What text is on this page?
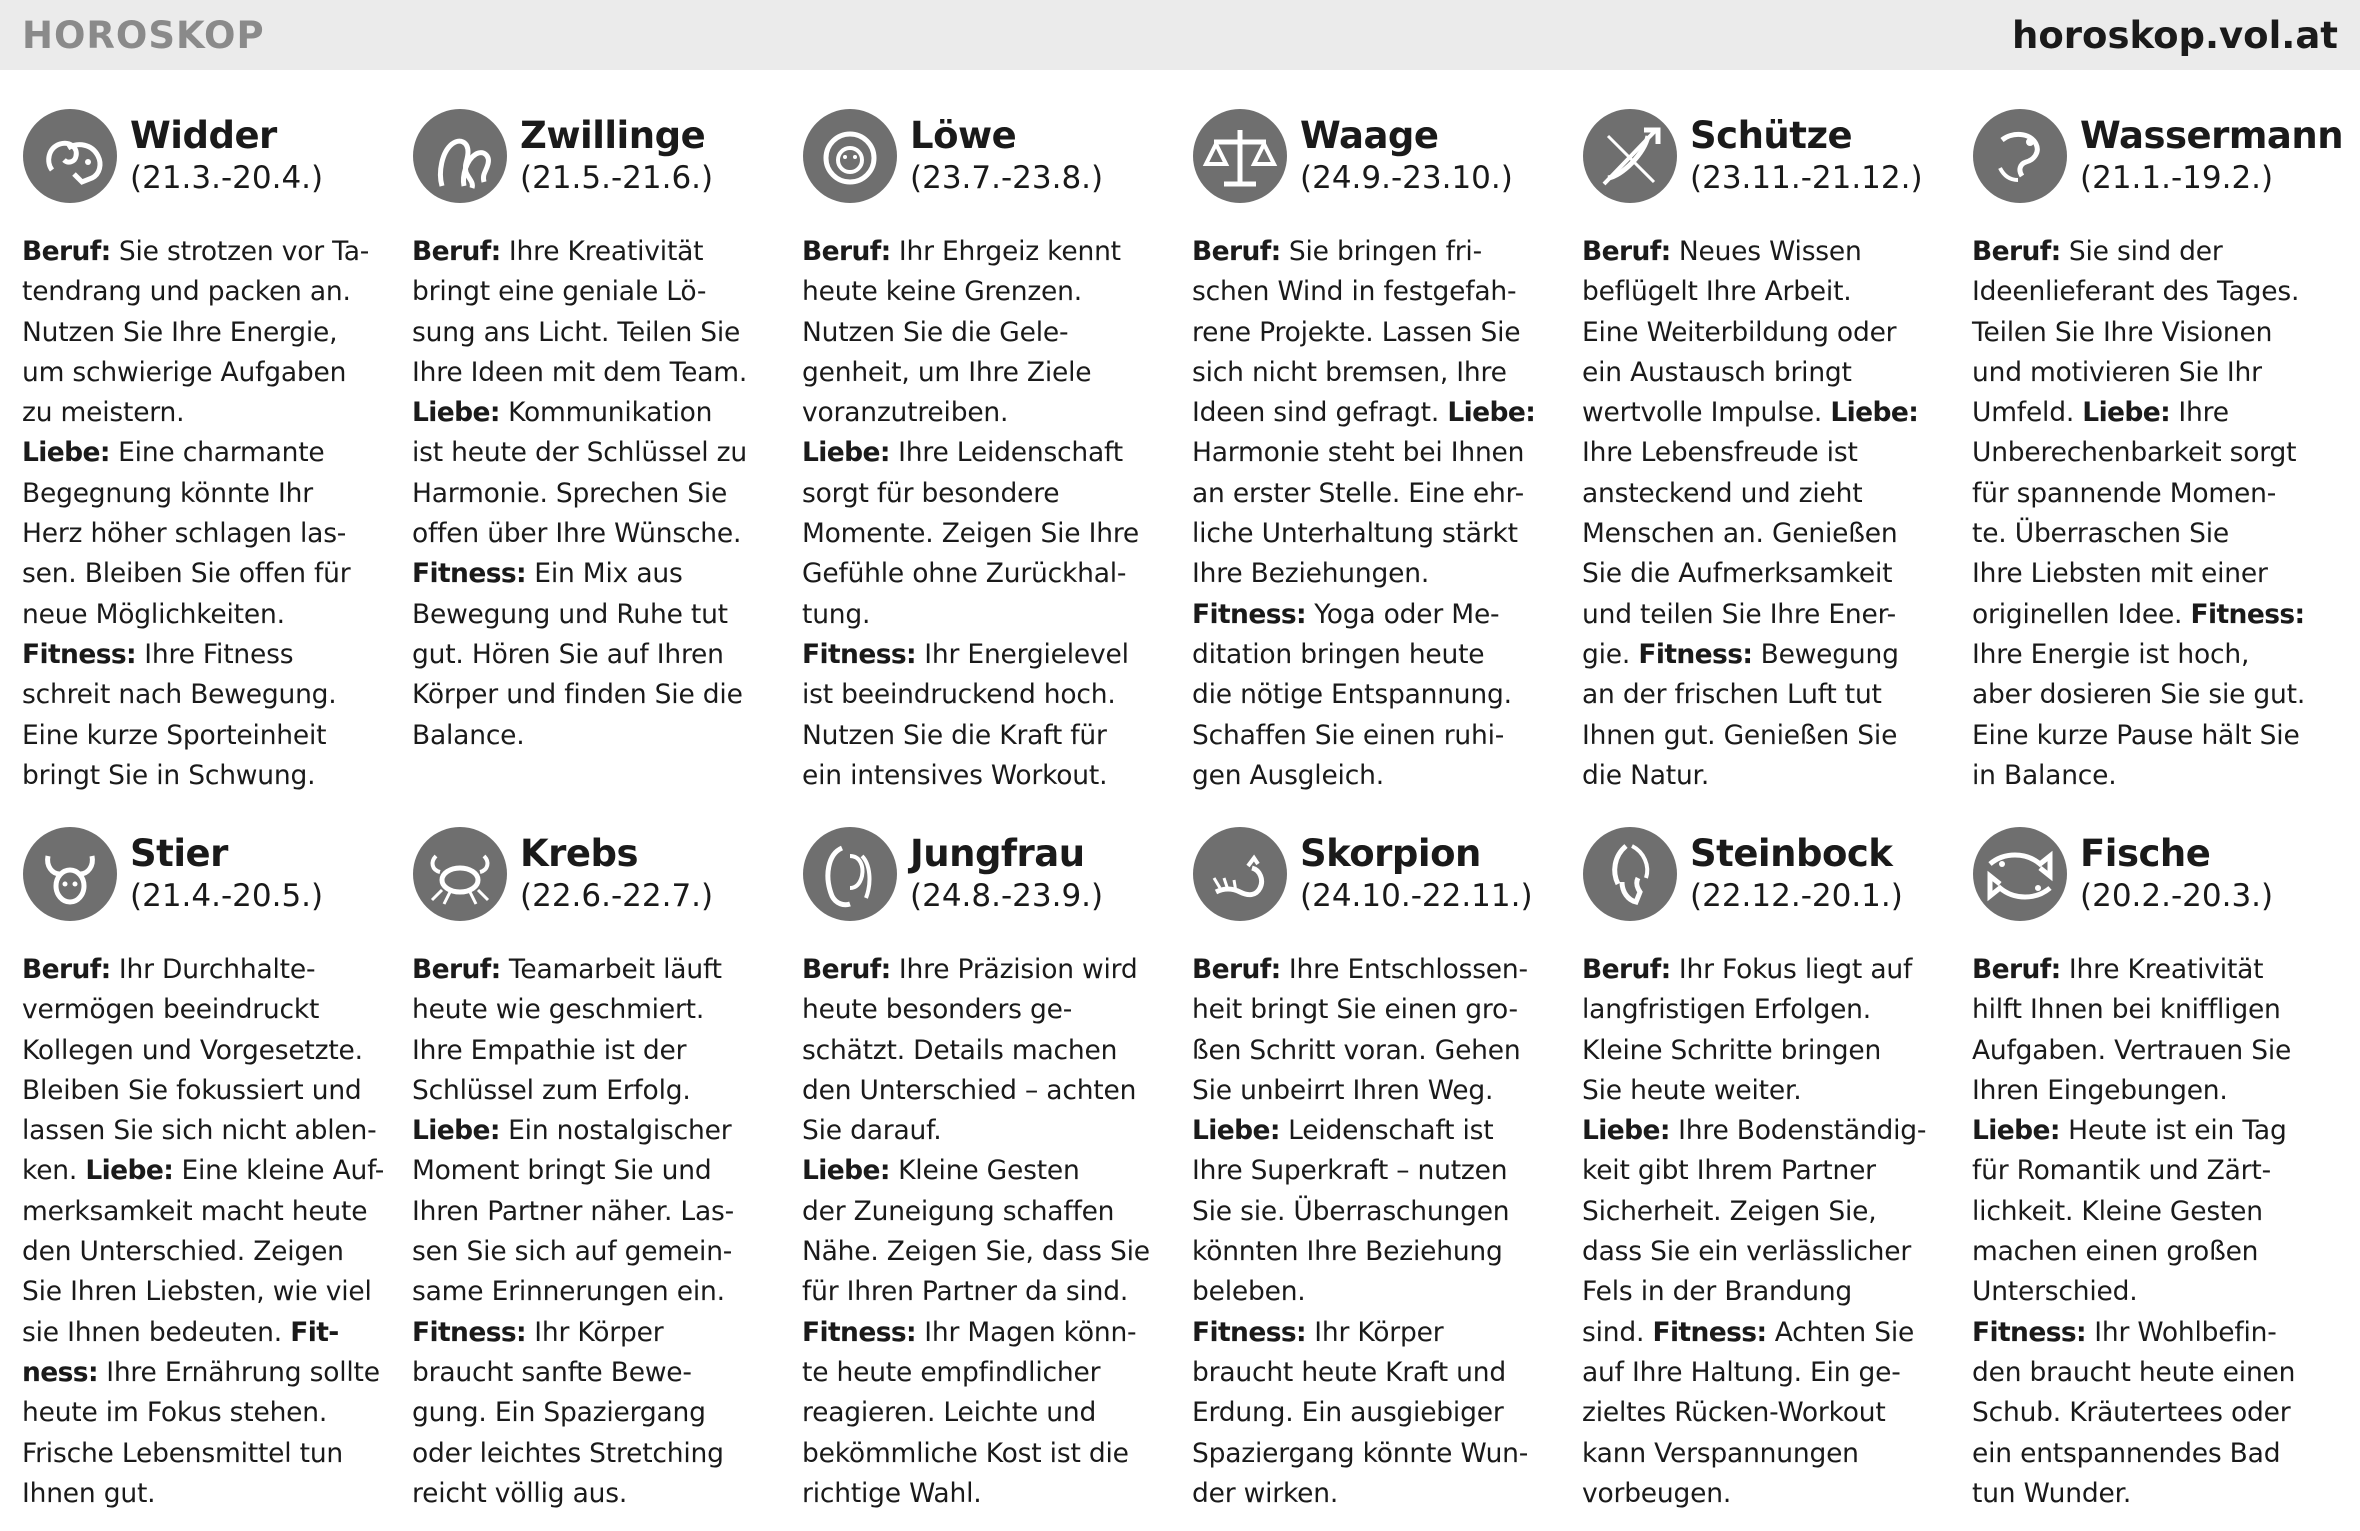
HOROSKOP	horoskop.vol.at
Widder
(21.3.-20.4.)
Beruf: Sie strotzen vor Ta-
tendrang und packen an.
Nutzen Sie Ihre Energie,
um schwierige Aufgaben
zu meistern.
Liebe: Eine charmante
Begegnung könnte Ihr
Herz höher schlagen las-
sen. Bleiben Sie offen für
neue Möglichkeiten.
Fitness: Ihre Fitness
schreit nach Bewegung.
Eine kurze Sporteinheit
bringt Sie in Schwung.
Zwillinge
(21.5.-21.6.)
Beruf: Ihre Kreativität
bringt eine geniale Lö-
sung ans Licht. Teilen Sie
Ihre Ideen mit dem Team.
Liebe: Kommunikation
ist heute der Schlüssel zu
Harmonie. Sprechen Sie
offen über Ihre Wünsche.
Fitness: Ein Mix aus
Bewegung und Ruhe tut
gut. Hören Sie auf Ihren
Körper und finden Sie die
Balance.
Löwe
(23.7.-23.8.)
Beruf: Ihr Ehrgeiz kennt
heute keine Grenzen.
Nutzen Sie die Gele-
genheit, um Ihre Ziele
voranzutreiben.
Liebe: Ihre Leidenschaft
sorgt für besondere
Momente. Zeigen Sie Ihre
Gefühle ohne Zurückhal-
tung.
Fitness: Ihr Energielevel
ist beeindruckend hoch.
Nutzen Sie die Kraft für
ein intensives Workout.
Waage
(24.9.-23.10.)
Beruf: Sie bringen fri-
schen Wind in festgefah-
rene Projekte. Lassen Sie
sich nicht bremsen, Ihre
Ideen sind gefragt. Liebe:
Harmonie steht bei Ihnen
an erster Stelle. Eine ehr-
liche Unterhaltung stärkt
Ihre Beziehungen.
Fitness: Yoga oder Me-
ditation bringen heute
die nötige Entspannung.
Schaffen Sie einen ruhi-
gen Ausgleich.
Schütze
(23.11.-21.12.)
Beruf: Neues Wissen
beflügelt Ihre Arbeit.
Eine Weiterbildung oder
ein Austausch bringt
wertvolle Impulse. Liebe:
Ihre Lebensfreude ist
ansteckend und zieht
Menschen an. Genießen
Sie die Aufmerksamkeit
und teilen Sie Ihre Ener-
gie. Fitness: Bewegung
an der frischen Luft tut
Ihnen gut. Genießen Sie
die Natur.
Wassermann
(21.1.-19.2.)
Beruf: Sie sind der
Ideenlieferant des Tages.
Teilen Sie Ihre Visionen
und motivieren Sie Ihr
Umfeld. Liebe: Ihre
Unberechenbarkeit sorgt
für spannende Momen-
te. Überraschen Sie
Ihre Liebsten mit einer
originellen Idee. Fitness:
Ihre Energie ist hoch,
aber dosieren Sie sie gut.
Eine kurze Pause hält Sie
in Balance.
Stier
(21.4.-20.5.)
Beruf: Ihr Durchhalte-
vermögen beeindruckt
Kollegen und Vorgesetzte.
Bleiben Sie fokussiert und
lassen Sie sich nicht ablen-
ken. Liebe: Eine kleine Auf-
merksamkeit macht heute
den Unterschied. Zeigen
Sie Ihren Liebsten, wie viel
sie Ihnen bedeuten. Fit-
ness: Ihre Ernährung sollte
heute im Fokus stehen.
Frische Lebensmittel tun
Ihnen gut.
Krebs
(22.6.-22.7.)
Beruf: Teamarbeit läuft
heute wie geschmiert.
Ihre Empathie ist der
Schlüssel zum Erfolg.
Liebe: Ein nostalgischer
Moment bringt Sie und
Ihren Partner näher. Las-
sen Sie sich auf gemein-
same Erinnerungen ein.
Fitness: Ihr Körper
braucht sanfte Bewe-
gung. Ein Spaziergang
oder leichtes Stretching
reicht völlig aus.
Jungfrau
(24.8.-23.9.)
Beruf: Ihre Präzision wird
heute besonders ge-
schätzt. Details machen
den Unterschied – achten
Sie darauf.
Liebe: Kleine Gesten
der Zuneigung schaffen
Nähe. Zeigen Sie, dass Sie
für Ihren Partner da sind.
Fitness: Ihr Magen könn-
te heute empfindlicher
reagieren. Leichte und
bekömmliche Kost ist die
richtige Wahl.
Skorpion
(24.10.-22.11.)
Beruf: Ihre Entschlossen-
heit bringt Sie einen gro-
ßen Schritt voran. Gehen
Sie unbeirrt Ihren Weg.
Liebe: Leidenschaft ist
Ihre Superkraft – nutzen
Sie sie. Überraschungen
könnten Ihre Beziehung
beleben.
Fitness: Ihr Körper
braucht heute Kraft und
Erdung. Ein ausgiebiger
Spaziergang könnte Wun-
der wirken.
Steinbock
(22.12.-20.1.)
Beruf: Ihr Fokus liegt auf
langfristigen Erfolgen.
Kleine Schritte bringen
Sie heute weiter.
Liebe: Ihre Bodenständig-
keit gibt Ihrem Partner
Sicherheit. Zeigen Sie,
dass Sie ein verlässlicher
Fels in der Brandung
sind. Fitness: Achten Sie
auf Ihre Haltung. Ein ge-
zieltes Rücken-Workout
kann Verspannungen
vorbeugen.
Fische
(20.2.-20.3.)
Beruf: Ihre Kreativität
hilft Ihnen bei kniffligen
Aufgaben. Vertrauen Sie
Ihren Eingebungen.
Liebe: Heute ist ein Tag
für Romantik und Zärt-
lichkeit. Kleine Gesten
machen einen großen
Unterschied.
Fitness: Ihr Wohlbefin-
den braucht heute einen
Schub. Kräutertees oder
ein entspannendes Bad
tun Wunder.
